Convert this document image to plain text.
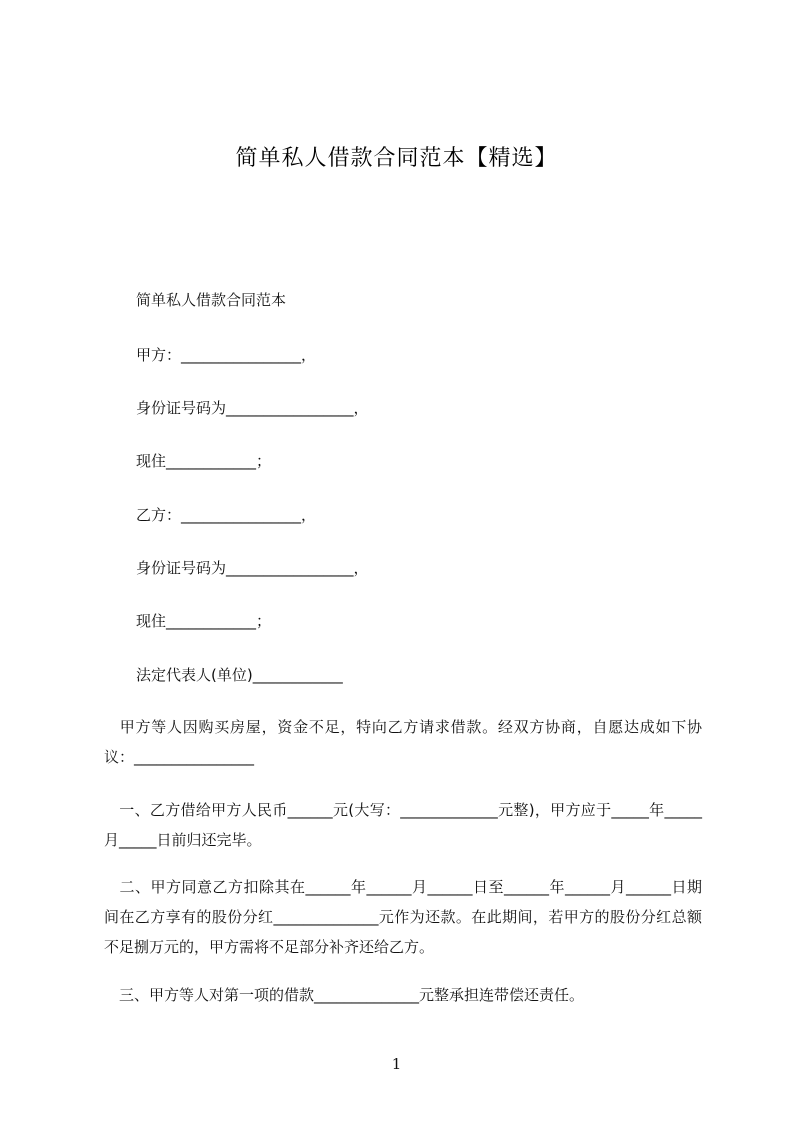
简单私人借款合同范本【精选】
简单私人借款合同范本
甲方：________________，
身份证号码为_________________，
现住____________；
乙方：________________，
身份证号码为_________________，
现住____________；
法定代表人(单位)____________
　甲方等人因购买房屋，资金不足，特向乙方请求借款。经双方协商，自愿达成如下协议：________________
　一、乙方借给甲方人民币______元(大写：_____________元整)，甲方应于_____年_____月_____日前归还完毕。
　二、甲方同意乙方扣除其在______年______月______日至______年______月______日期间在乙方享有的股份分红______________元作为还款。在此期间，若甲方的股份分红总额不足捌万元的，甲方需将不足部分补齐还给乙方。
　三、甲方等人对第一项的借款______________元整承担连带偿还责任。
1
